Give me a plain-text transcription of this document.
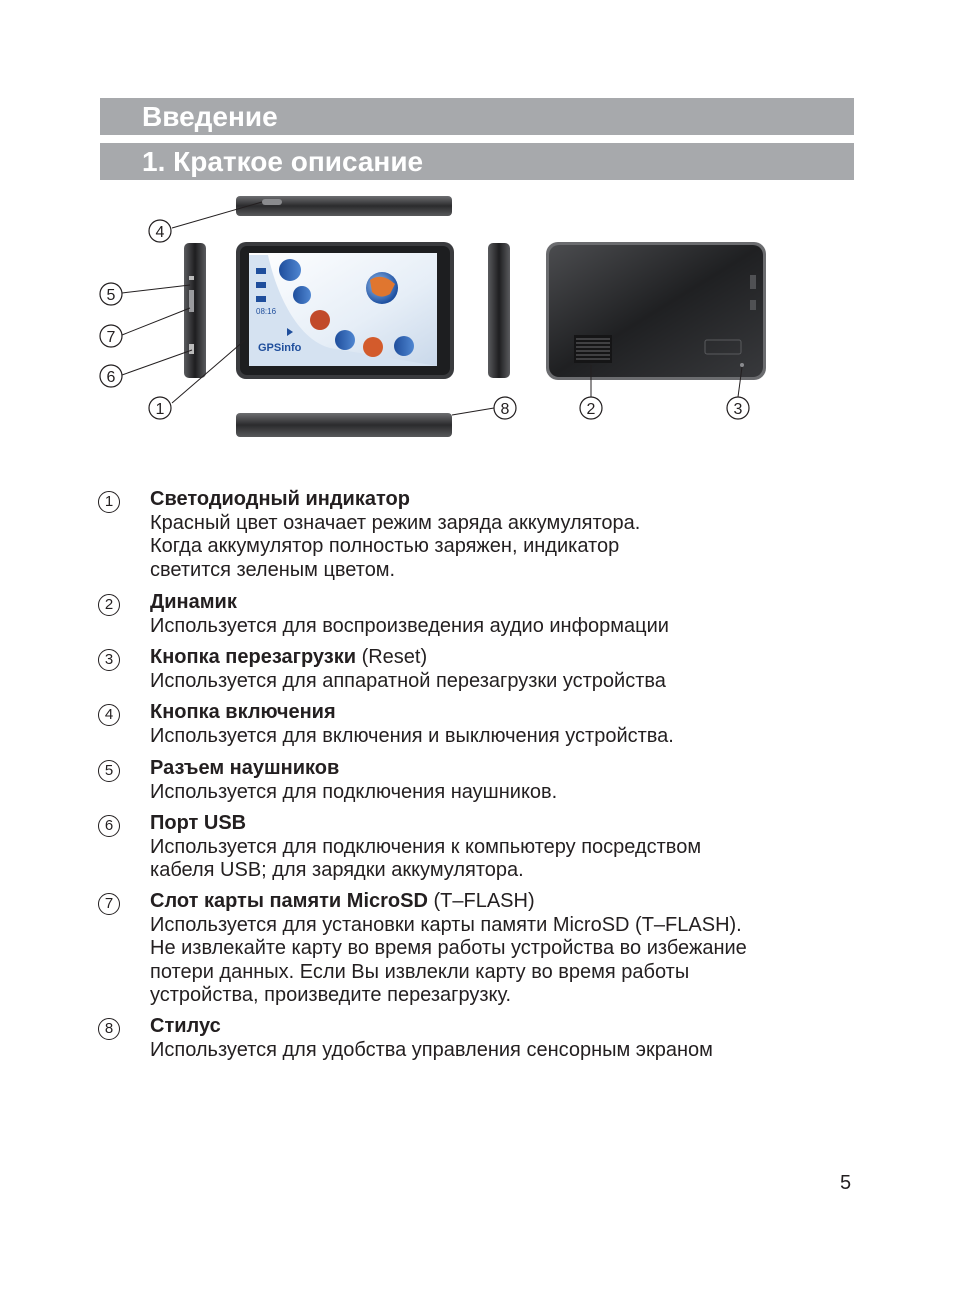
Введение
1. Краткое описание
08:16
GPSinfo
4
5
7
6
1	8	2	3
1	Светодиодный индикатор
Красный цвет означает режим заряда аккумулятора.
Когда аккумулятор полностью заряжен, индикатор
светится зеленым цветом.
2	Динамик
Используется для воспроизведения аудио информации
3	Кнопка перезагрузки (Reset)
Используется для аппаратной перезагрузки устройства
4	Кнопка включения
Используется для включения и выключения устройства.
5	Разъем наушников
Используется для подключения наушников.
6	Порт USB
Используется для подключения к компьютеру посредством
кабеля USB; для зарядки аккумулятора.
7	Слот карты памяти MicroSD (T–FLASH)
Используется для установки карты памяти MicroSD (T–FLASH).
Не извлекайте карту во время работы устройства во избежание
потери данных. Если Вы извлекли карту во время работы
устройства, произведите перезагрузку.
8	Стилус
Используется для удобства управления сенсорным экраном
5
